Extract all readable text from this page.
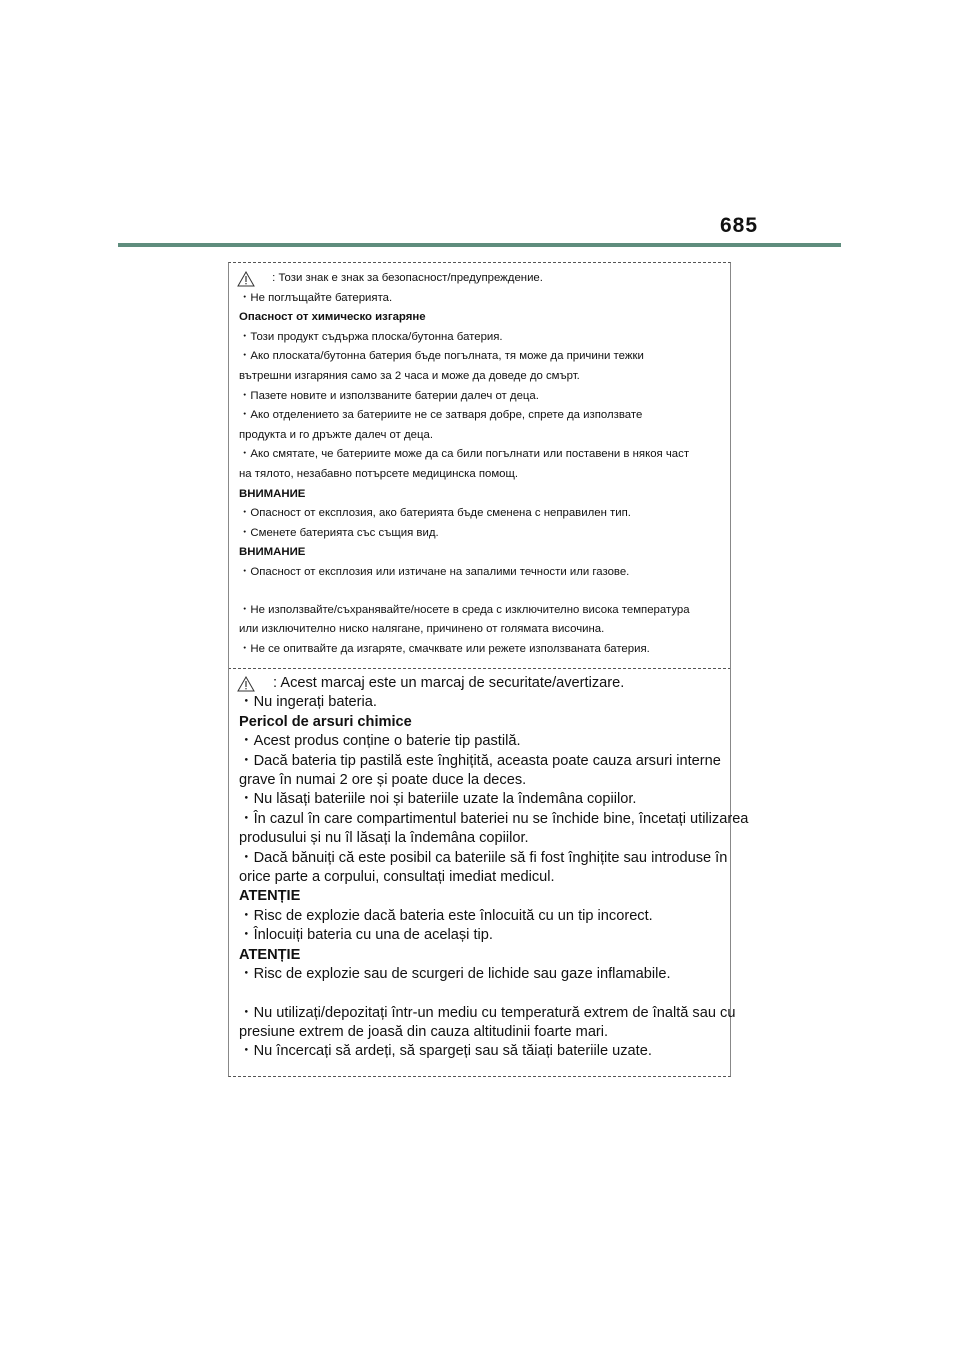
685
: Този знак е знак за безопасност/предупреждение.
・Не поглъщайте батерията.
Опасност от химическо изгаряне
・Този продукт съдържа плоска/бутонна батерия.
・Ако плоската/бутонна батерия бъде погълната, тя може да причини тежки
вътрешни изгаряния само за 2 часа и може да доведе до смърт.
・Пазете новите и използваните батерии далеч от деца.
・Ако отделението за батериите не се затваря добре, спрете да използвате
продукта и го дръжте далеч от деца.
・Ако смятате, че батериите може да са били погълнати или поставени в някоя част
на тялото, незабавно потърсете медицинска помощ.
ВНИМАНИЕ
・Опасност от експлозия, ако батерията бъде сменена с неправилен тип.
・Сменете батерията със същия вид.
ВНИМАНИЕ
・Опасност от експлозия или изтичане на запалими течности или газове.
・Не използвайте/съхранявайте/носете в среда с изключително висока температура
или изключително ниско налягане, причинено от голямата височина.
・Не се опитвайте да изгаряте, смачквате или режете използваната батерия.
: Acest marcaj este un marcaj de securitate/avertizare.
・Nu ingerați bateria.
Pericol de arsuri chimice
・Acest produs conține o baterie tip pastilă.
・Dacă bateria tip pastilă este înghițită, aceasta poate cauza arsuri interne
grave în numai 2 ore și poate duce la deces.
・Nu lăsați bateriile noi și bateriile uzate la îndemâna copiilor.
・În cazul în care compartimentul bateriei nu se închide bine, încetați utilizarea
produsului și nu îl lăsați la îndemâna copiilor.
・Dacă bănuiți că este posibil ca bateriile să fi fost înghițite sau introduse în
orice parte a corpului, consultați imediat medicul.
ATENȚIE
・Risc de explozie dacă bateria este înlocuită cu un tip incorect.
・Înlocuiți bateria cu una de același tip.
ATENȚIE
・Risc de explozie sau de scurgeri de lichide sau gaze inflamabile.
・Nu utilizați/depozitați într-un mediu cu temperatură extrem de înaltă sau cu
presiune extrem de joasă din cauza altitudinii foarte mari.
・Nu încercați să ardeți, să spargeți sau să tăiați bateriile uzate.
